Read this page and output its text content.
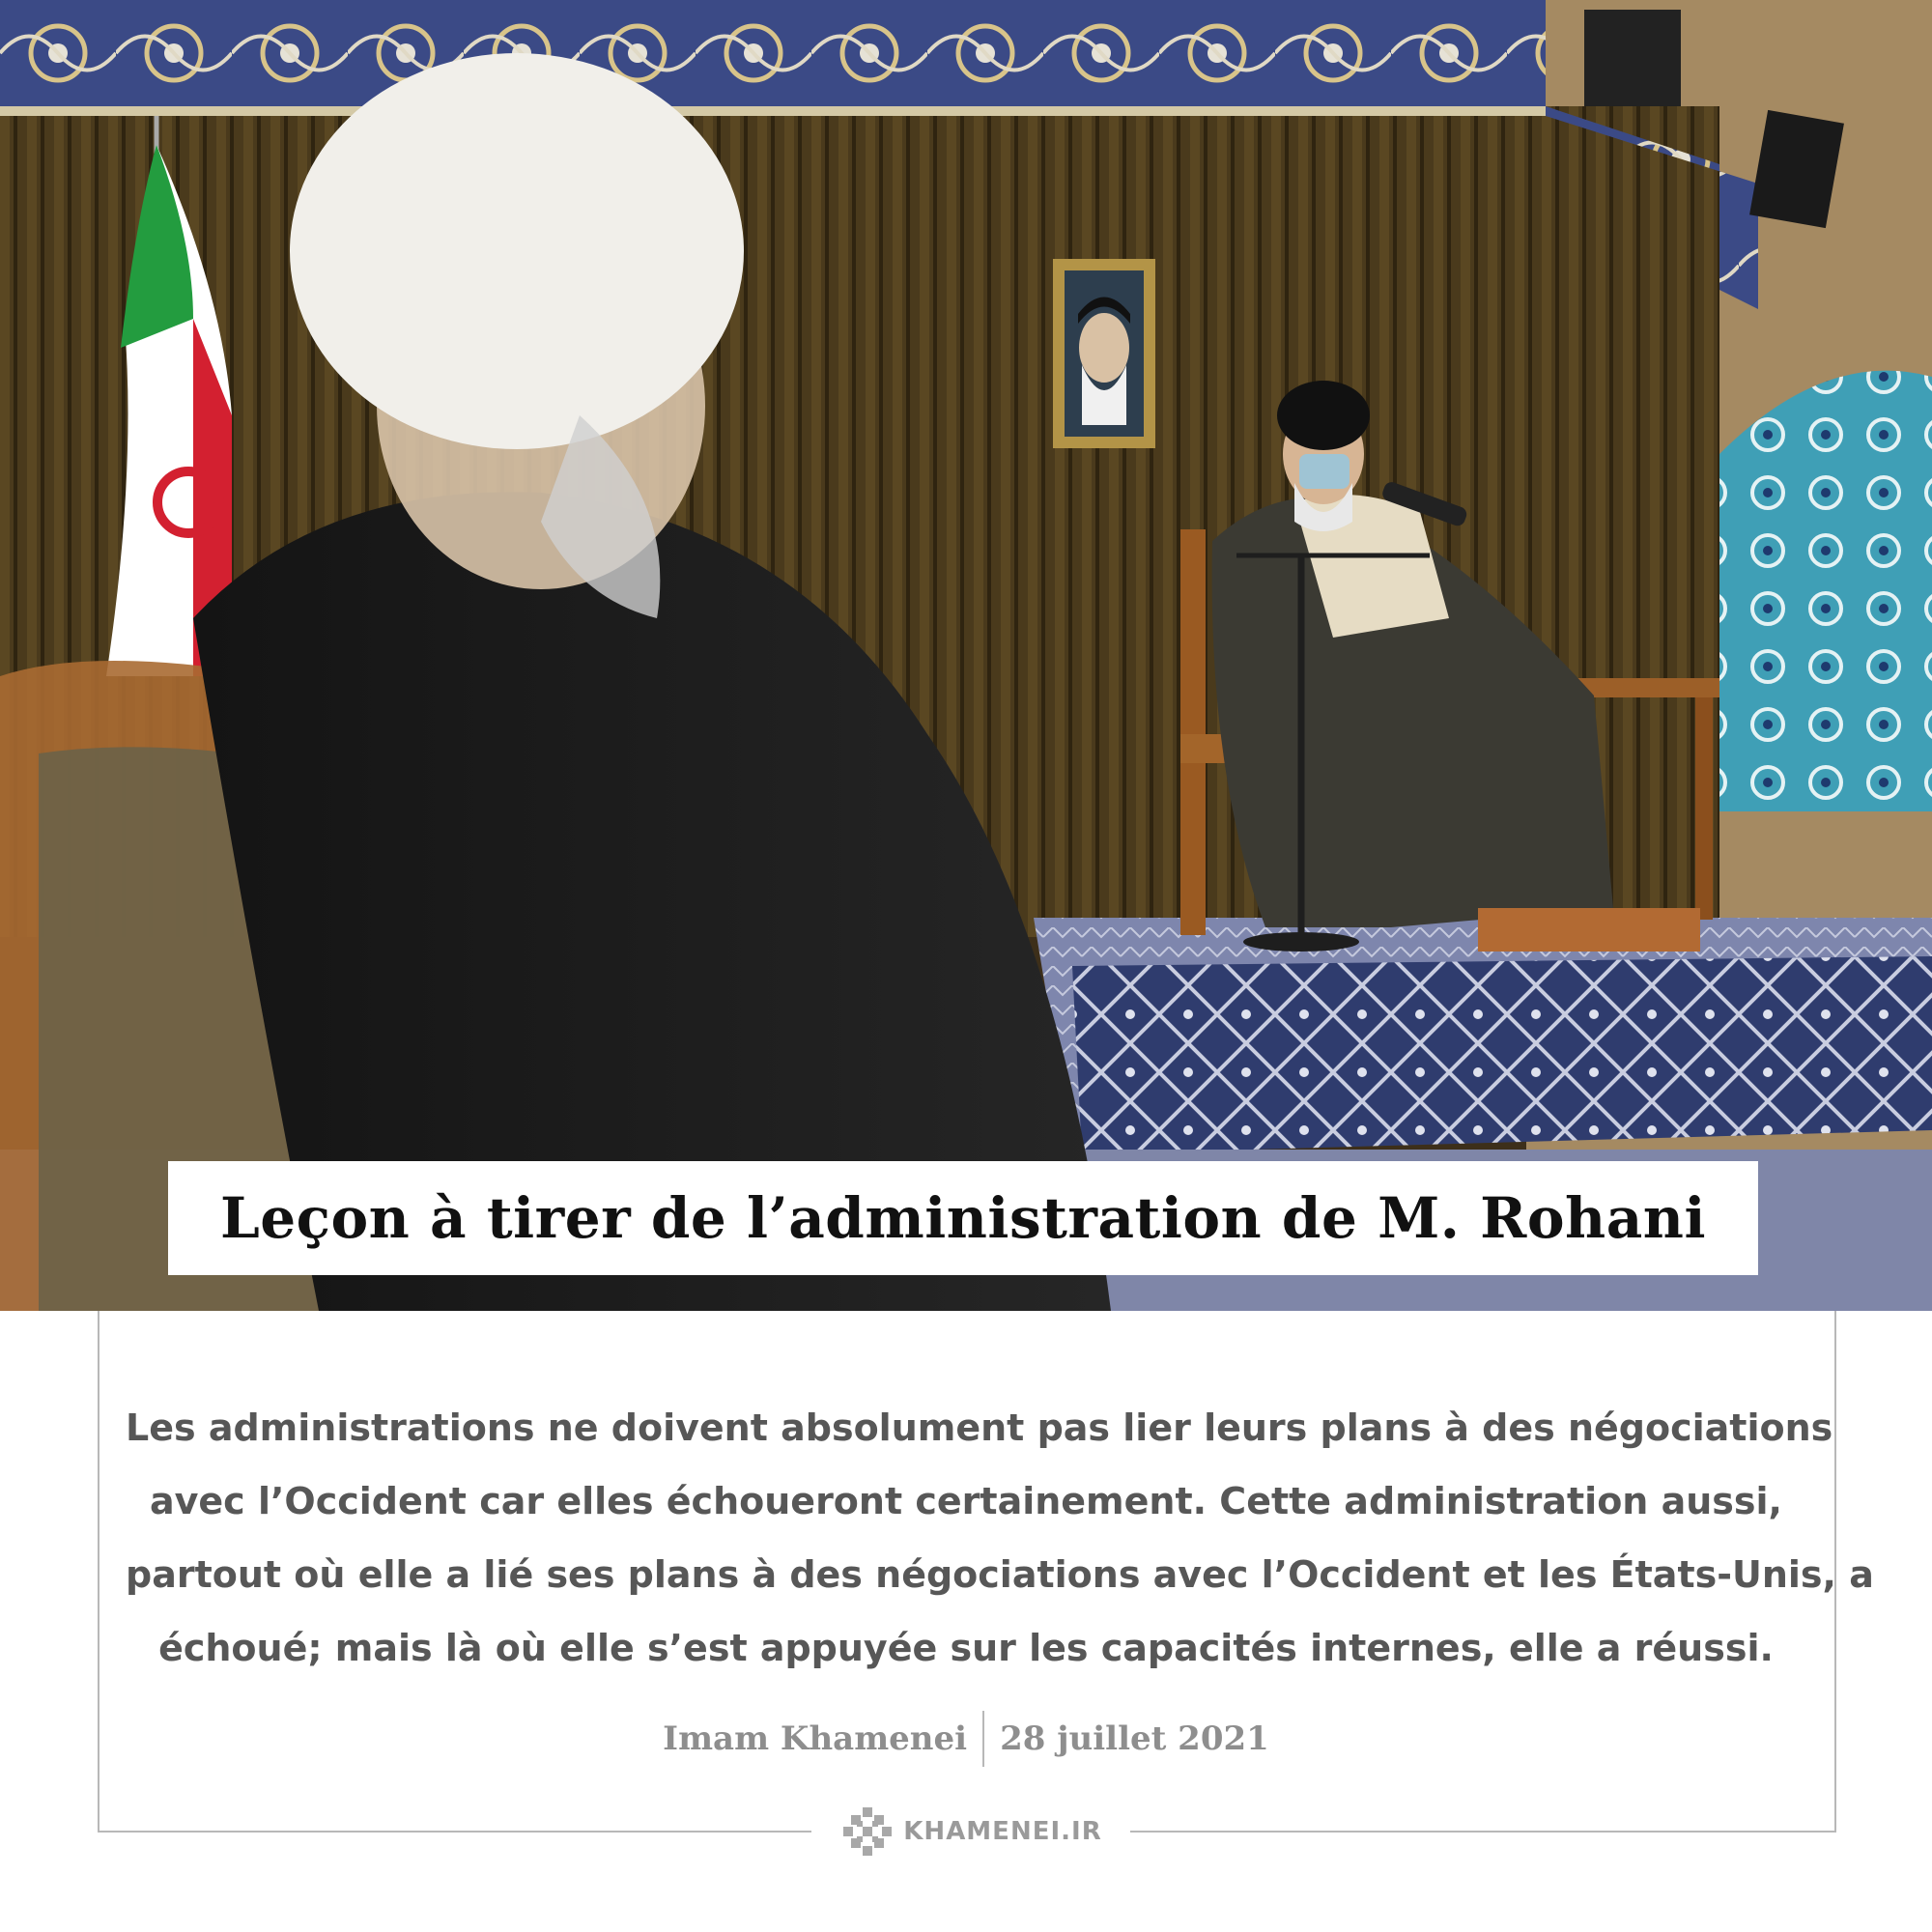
Leçon à tirer de l’administration de M. Rohani
Les administrations ne doivent absolument pas lier leurs plans à des négociations
avec l’Occident car elles échoueront certainement. Cette administration aussi,
partout où elle a lié ses plans à des négociations avec l’Occident et les États-Unis, a
échoué; mais là où elle s’est appuyée sur les capacités internes, elle a réussi.
Imam Khamenei 28 juillet 2021
KHAMENEI.IR
